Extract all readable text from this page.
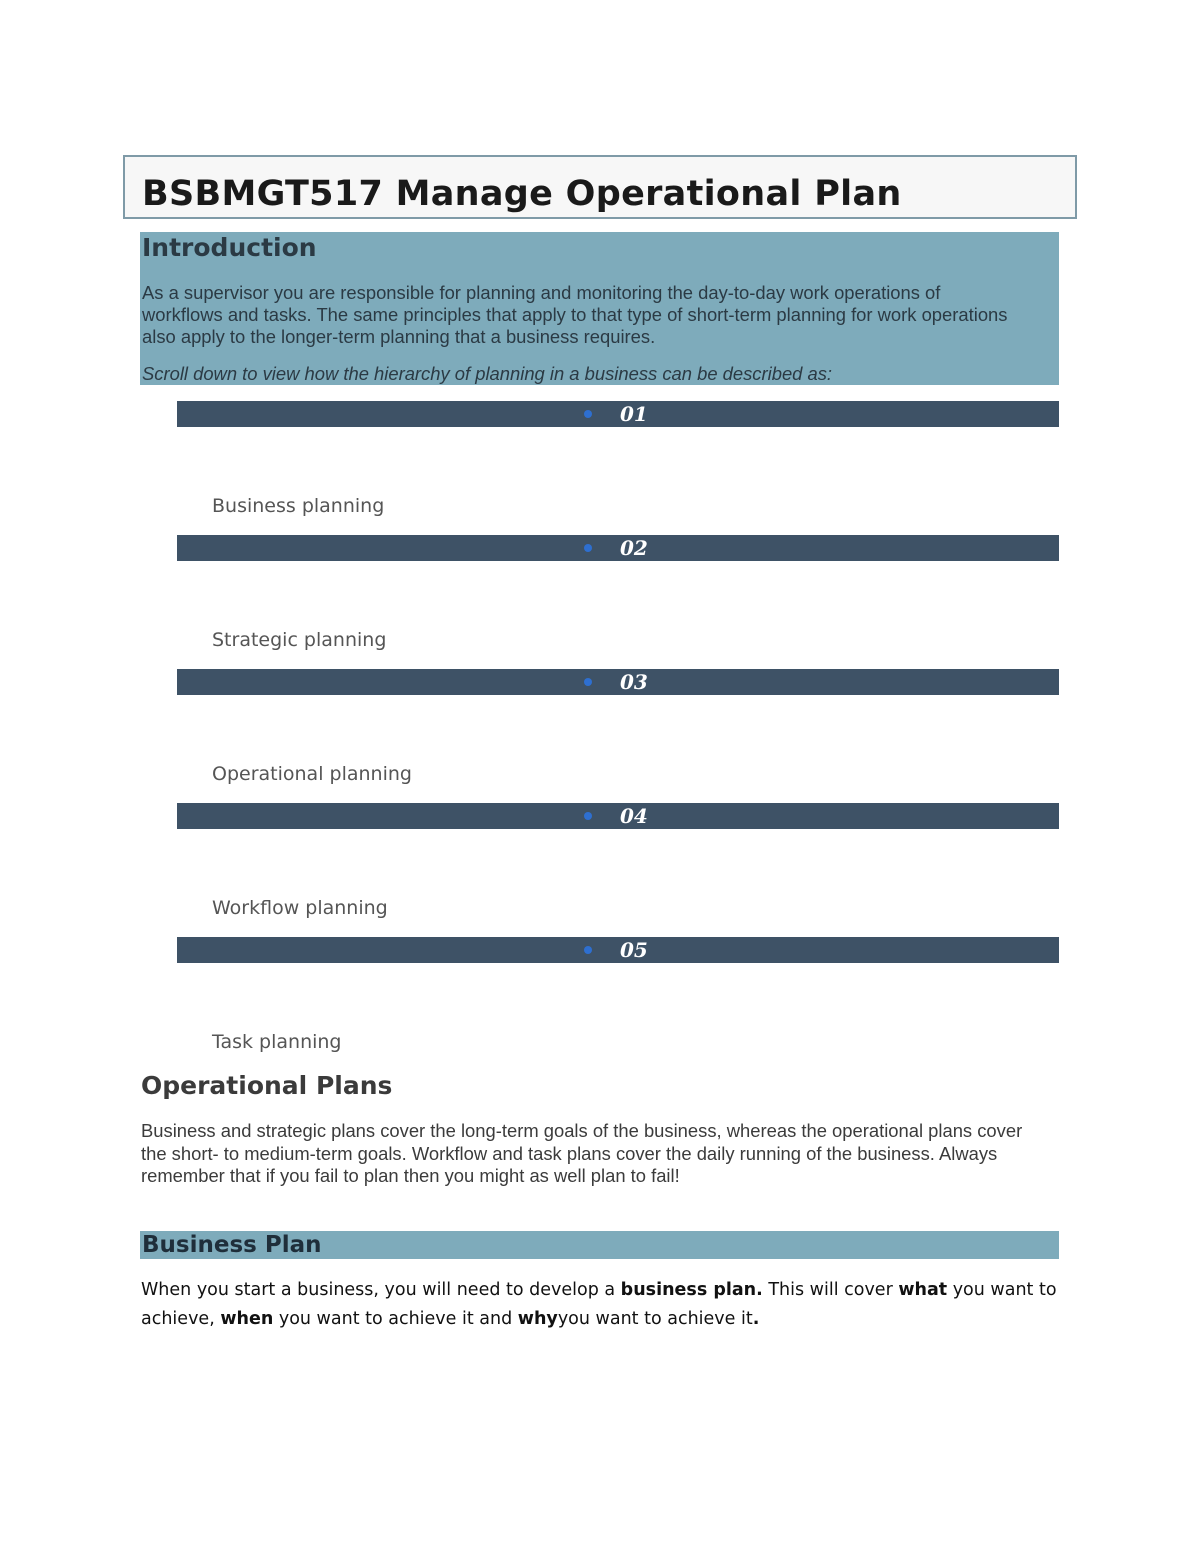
BSBMGT517 Manage Operational Plan
Introduction
As a supervisor you are responsible for planning and monitoring the day-to-day work operations of workflows and tasks. The same principles that apply to that type of short-term planning for work operations also apply to the longer-term planning that a business requires.
Scroll down to view how the hierarchy of planning in a business can be described as:
01
Business planning
02
Strategic planning
03
Operational planning
04
Workflow planning
05
Task planning
Operational Plans
Business and strategic plans cover the long-term goals of the business, whereas the operational plans cover the short- to medium-term goals. Workflow and task plans cover the daily running of the business. Always remember that if you fail to plan then you might as well plan to fail!
Business Plan
When you start a business, you will need to develop a business plan. This will cover what you want to achieve, when you want to achieve it and whyyou want to achieve it.
